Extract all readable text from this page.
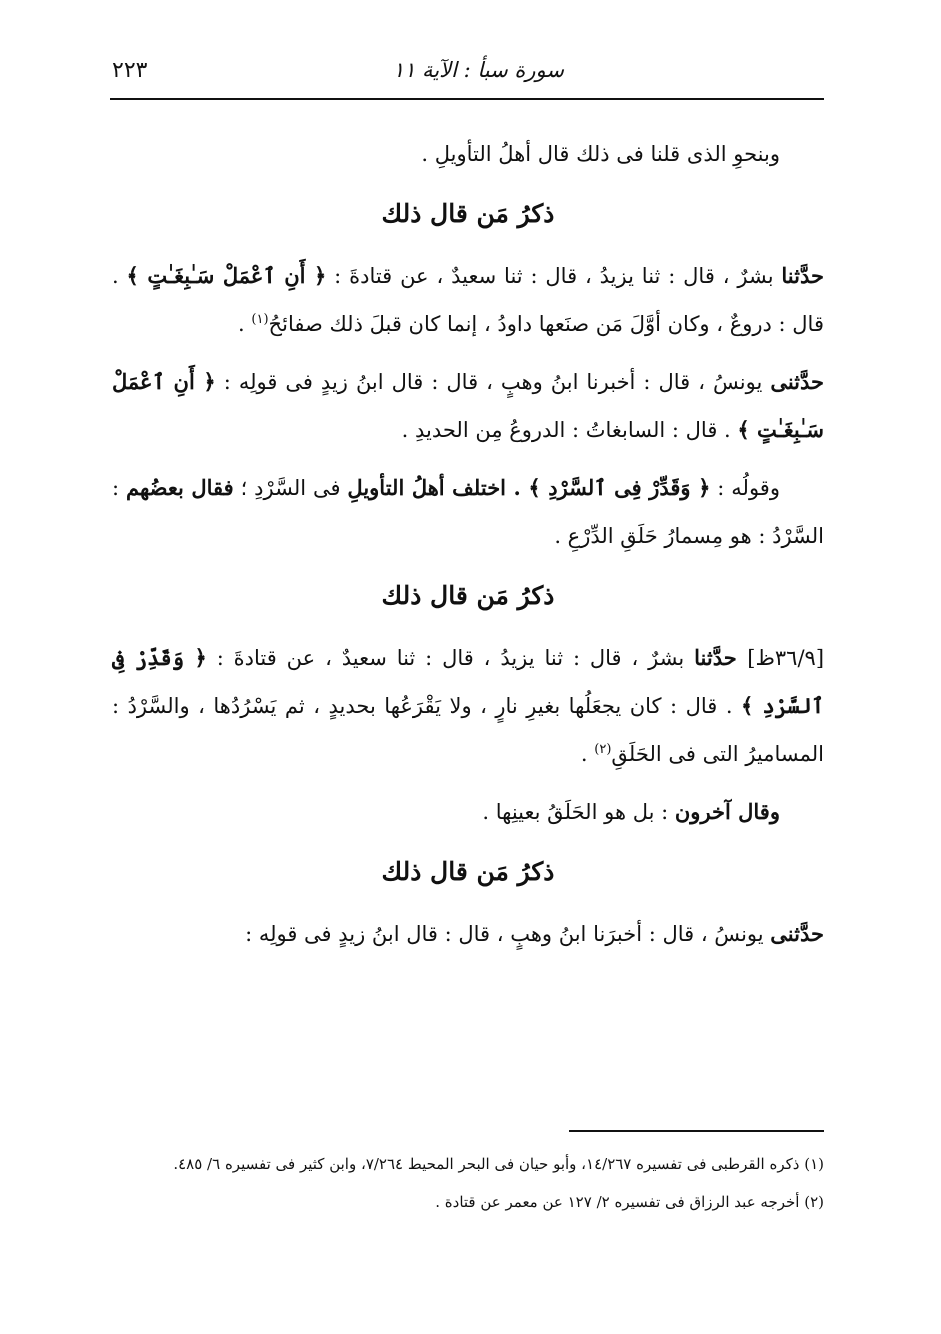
سورة سبأ : الآية ١١
٢٢٣

وبنحوِ الذى قلنا فى ذلك قال أهلُ التأويلِ .

ذكرُ مَن قال ذلك

حدَّثنا بشرٌ ، قال : ثنا يزيدُ ، قال : ثنا سعيدٌ ، عن قتادةَ : ﴿ أَنِ ٱعْمَلْ سَـٰبِغَـٰتٍ ﴾ . قال : دروعٌ ، وكان أوَّلَ مَن صنَعها داودُ ، إنما كان قبلَ ذلك صفائحُ$^{(١)}$ .

حدَّثنى يونسُ ، قال : أخبرنا ابنُ وهبٍ ، قال : قال ابنُ زيدٍ فى قولِه : ﴿ أَنِ ٱعْمَلْ سَـٰبِغَـٰتٍ ﴾ . قال : السابغاتُ : الدروعُ مِن الحديدِ .

وقولُه : ﴿ وَقَدِّرْ فِى ٱلسَّرْدِ ﴾ . اختلف أهلُ التأويلِ فى السَّرْدِ ؛ فقال بعضُهم : السَّرْدُ : هو مِسمارُ حَلَقِ الدِّرْعِ .

ذكرُ مَن قال ذلك

[٣٦/٩ظ] حدَّثنا بشرٌ ، قال : ثنا يزيدُ ، قال : ثنا سعيدٌ ، عن قتادةَ : ﴿ وَقَدِّرْ فِى ٱلسَّرْدِ ﴾ . قال : كان يجعَلُها بغيرِ نارٍ ، ولا يَقْرَعُها بحديدٍ ، ثم يَسْرُدُها ، والسَّرْدُ : المساميرُ التى فى الحَلَقِ$^{(٢)}$ .

وقال آخرون : بل هو الحَلَقُ بعينِها .

ذكرُ مَن قال ذلك

حدَّثنى يونسُ ، قال : أخبرَنا ابنُ وهبٍ ، قال : قال ابنُ زيدٍ فى قولِه :

(١) ذكره القرطبى فى تفسيره ١٤/٢٦٧، وأبو حيان فى البحر المحيط ٧/٢٦٤، وابن كثير فى تفسيره ٦/ ٤٨٥.

(٢) أخرجه عبد الرزاق فى تفسيره ٢/ ١٢٧ عن معمر عن قتادة .
